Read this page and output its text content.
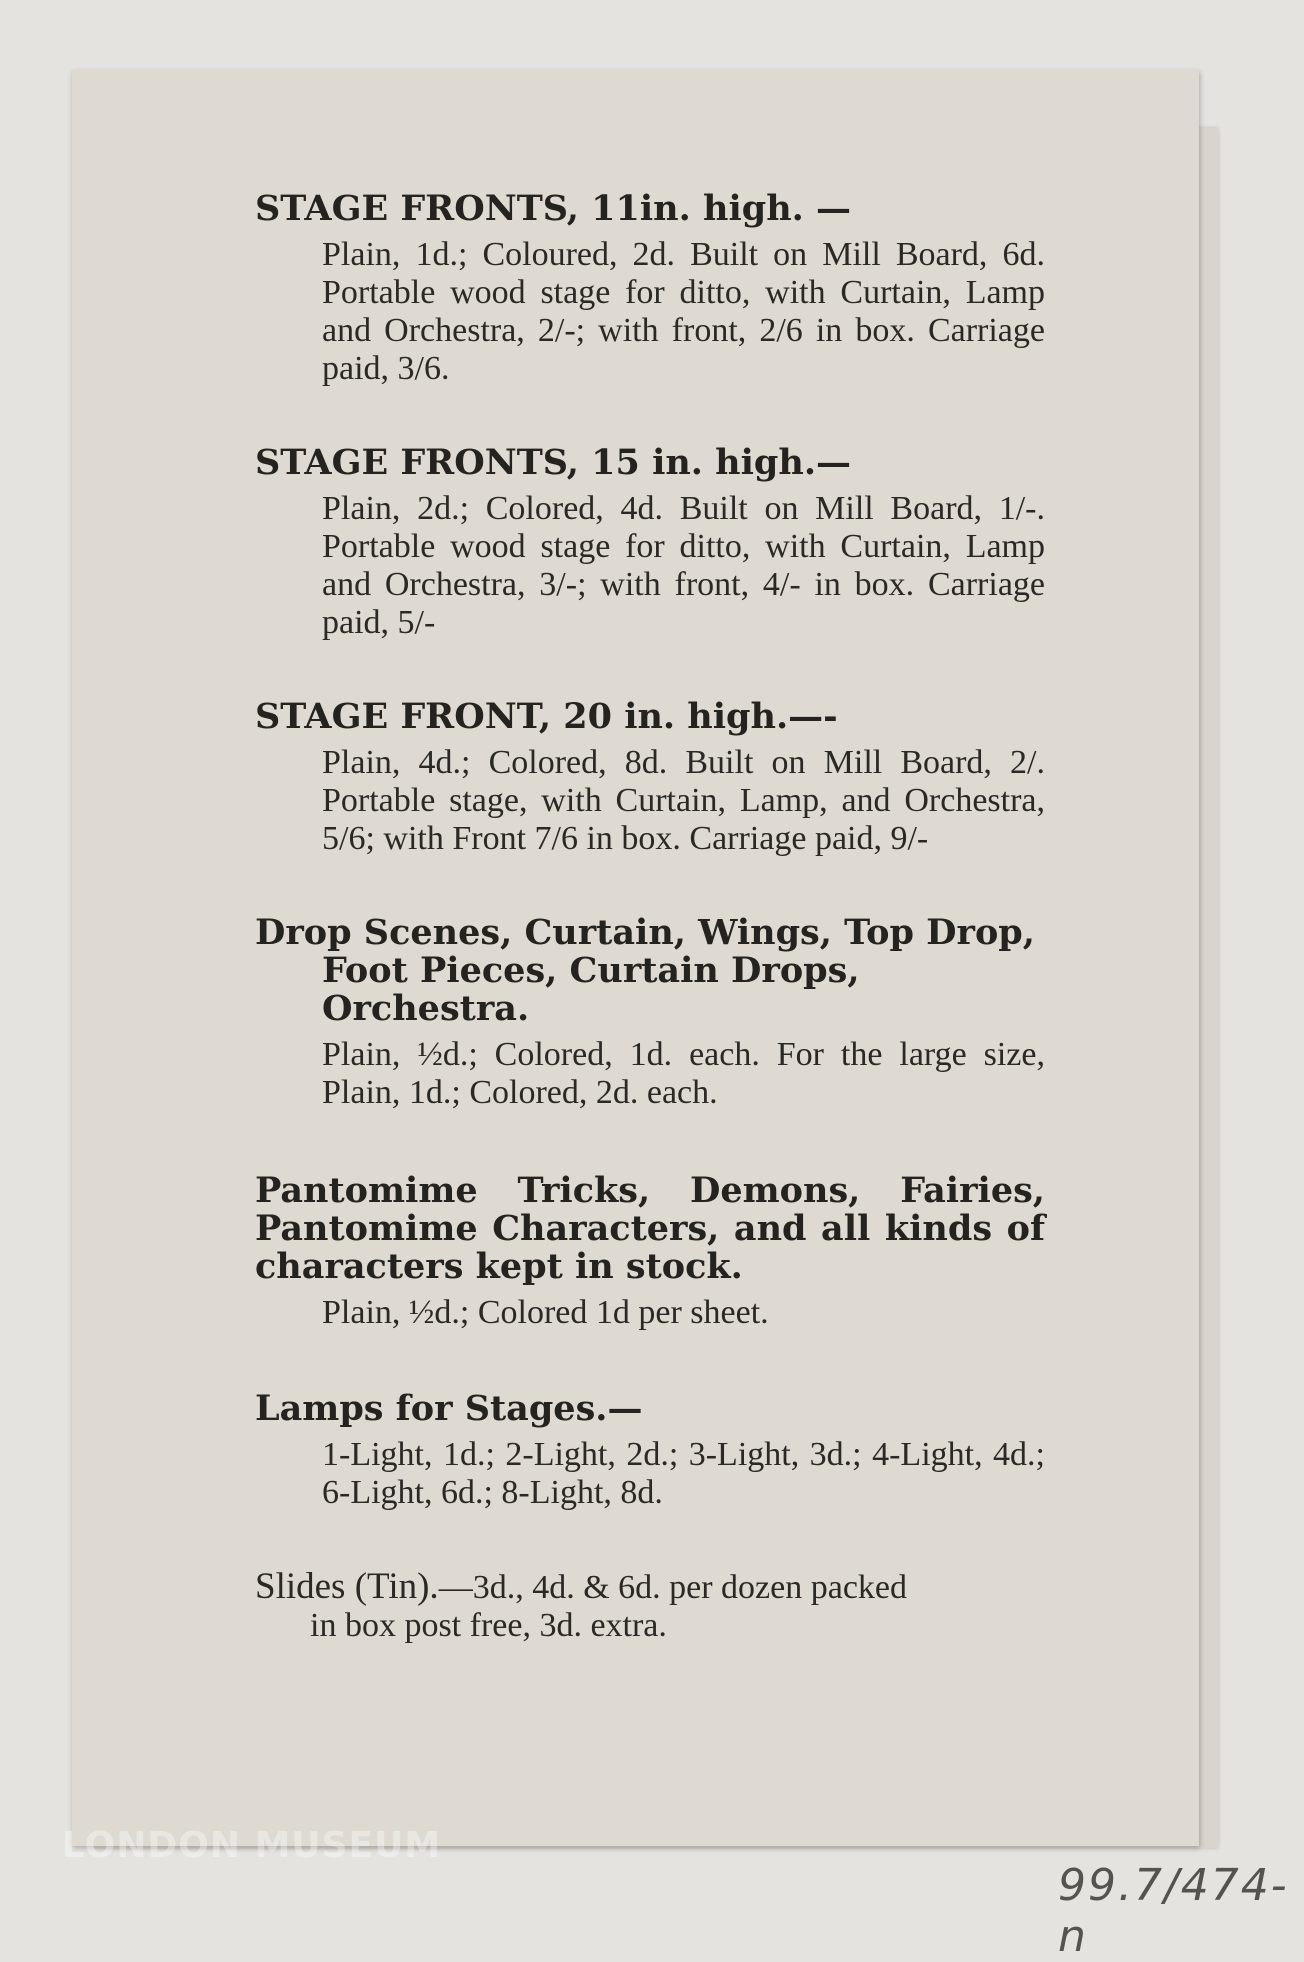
STAGE FRONTS, 11in. high. —
Plain, 1d.; Coloured, 2d. Built on Mill Board, 6d. Portable wood stage for ditto, with Curtain, Lamp and Orchestra, 2/-; with front, 2/6 in box. Carriage paid, 3/6.
STAGE FRONTS, 15 in. high.—
Plain, 2d.; Colored, 4d. Built on Mill Board, 1/-. Portable wood stage for ditto, with Curtain, Lamp and Orchestra, 3/-; with front, 4/- in box. Carriage paid, 5/-
STAGE FRONT, 20 in. high.—-
Plain, 4d.; Colored, 8d. Built on Mill Board, 2/. Portable stage, with Curtain, Lamp, and Orchestra, 5/6; with Front 7/6 in box. Carriage paid, 9/-
Drop Scenes, Curtain, Wings, Top Drop,
Foot Pieces, Curtain Drops, Orchestra.
Plain, ½d.; Colored, 1d. each. For the large size, Plain, 1d.; Colored, 2d. each.
Pantomime Tricks, Demons, Fairies, Pantomime Characters, and all kinds of characters kept in stock.
Plain, ½d.; Colored 1d per sheet.
Lamps for Stages.—
1-Light, 1d.; 2-Light, 2d.; 3-Light, 3d.; 4-Light, 4d.; 6-Light, 6d.; 8-Light, 8d.
Slides (Tin).—3d., 4d. & 6d. per dozen packed
in box post free, 3d. extra.
LONDON MUSEUM
99.7/474-n
